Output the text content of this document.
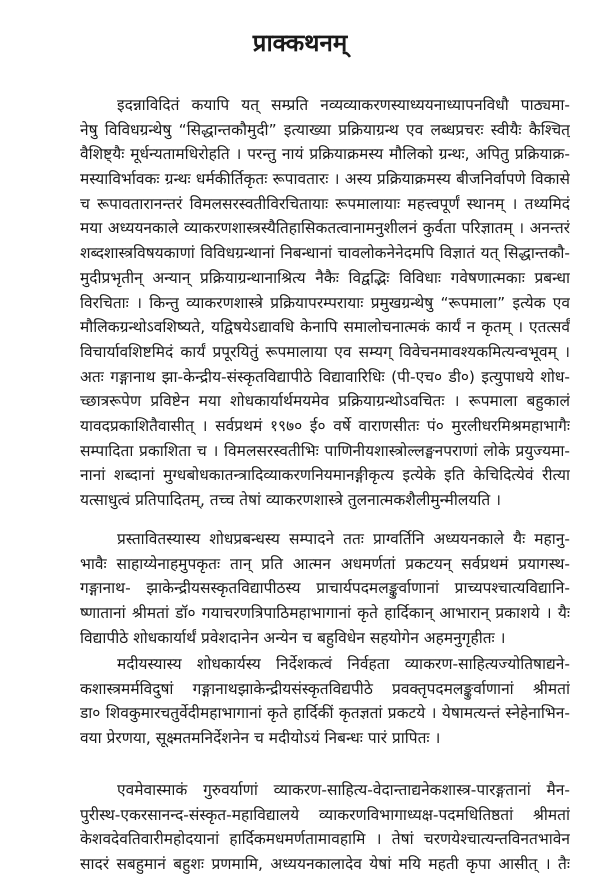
प्राक्कथनम्
इदन्नाविदितं कयापि यत् सम्प्रति नव्यव्याकरणस्याध्ययनाध्यापनविधौ पाठ्यमा-
नेषु विविधग्रन्थेषु “सिद्धान्तकौमुदी” इत्याख्या प्रक्रियाग्रन्थ एव लब्धप्रचरः स्वीयैः कैश्चित्
वैशिष्ट्यैः मूर्धन्यतामधिरोहति । परन्तु नायं प्रक्रियाक्रमस्य मौलिको ग्रन्थः, अपितु प्रक्रियाक्र-
मस्याविर्भावकः ग्रन्थः धर्मकीर्तिकृतः रूपावतारः । अस्य प्रक्रियाक्रमस्य बीजनिर्वापणे विकासे
च रूपावतारानन्तरं विमलसरस्वतीविरचितायाः रूपमालायाः महत्त्वपूर्णं स्थानम् । तथ्यमिदं
मया अध्ययनकाले व्याकरणशास्त्रस्यैतिहासिकतत्वानामनुशीलनं कुर्वता परिज्ञातम् । अनन्तरं
शब्दशास्त्रविषयकाणां विविधग्रन्थानां निबन्धानां चावलोकनेनेदमपि विज्ञातं यत् सिद्धान्तकौ-
मुदीप्रभृतीन् अन्यान् प्रक्रियाग्रन्थानाश्रित्य नैकैः विद्वद्भिः विविधाः गवेषणात्मकाः प्रबन्धा
विरचिताः । किन्तु व्याकरणशास्त्रे प्रक्रियापरम्परायाः प्रमुखग्रन्थेषु “रूपमाला” इत्येक एव
मौलिकग्रन्थोऽवशिष्यते, यद्विषयेऽद्यावधि केनापि समालोचनात्मकं कार्यं न कृतम् । एतत्सर्वं
विचार्यावशिष्टमिदं कार्यं प्रपूरयितुं रूपमालाया एव सम्यग् विवेचनमावश्यकमित्यन्वभूवम् ।
अतः गङ्गानाथ झा-केन्द्रीय-संस्कृतविद्यापीठे विद्यावारिधिः (पी-एच० डी०) इत्युपाधये शोध-
च्छात्ररूपेण प्रविष्टेन मया शोधकार्यार्थमयमेव प्रक्रियाग्रन्थोऽवचितः । रूपमाला बहुकालं
यावदप्रकाशितैवासीत् । सर्वप्रथमं १९७० ई० वर्षे वाराणसीतः पं० मुरलीधरमिश्रमहाभागैः
सम्पादिता प्रकाशिता च । विमलसरस्वतीभिः पाणिनीयशास्त्रोल्लङ्घनपराणां लोके प्रयुज्यमा-
नानां शब्दानां मुग्धबोधकातन्त्रादिव्याकरणनियमानङ्गीकृत्य इत्येके इति केचिदित्येवं रीत्या
यत्साधुत्वं प्रतिपादितम्, तच्च तेषां व्याकरणशास्त्रे तुलनात्मकशैलीमुन्मीलयति ।
प्रस्तावितस्यास्य शोधप्रबन्धस्य सम्पादने ततः प्राग्वर्तिनि अध्ययनकाले यैः महानु-
भावैः साहाय्येनाहमुपकृतः तान् प्रति आत्मन अधमर्णतां प्रकटयन् सर्वप्रथमं प्रयागस्थ-
गङ्गानाथ- झाकेन्द्रीयसस्कृतविद्यापीठस्य प्राचार्यपदमलङ्कुर्वाणानां प्राच्यपश्चात्यविद्यानि-
ष्णातानां श्रीमतां डॉ० गयाचरणत्रिपाठिमहाभागानां कृते हार्दिकान् आभारान् प्रकाशये । यैः
विद्यापीठे शोधकार्यार्थं प्रवेशदानेन अन्येन च बहुविधेन सहयोगेन अहमनुगृहीतः ।
मदीयस्यास्य शोधकार्यस्य निर्देशकत्वं निर्वहता व्याकरण-साहित्यज्योतिषाद्यने-
कशास्त्रमर्मविदुषां गङ्गानाथझाकेन्द्रीयसंस्कृतविद्यपीठे प्रवक्तृपदमलङ्कुर्वाणानां श्रीमतां
डा० शिवकुमारचतुर्वेदीमहाभागानां कृते हार्दिकीं कृतज्ञतां प्रकटये । येषामत्यन्तं स्नेहेनाभिन-
वया प्रेरणया, सूक्ष्मतमनिर्देशनेन च मदीयोऽयं निबन्धः पारं प्रापितः ।
एवमेवास्माकं गुरुवर्याणां व्याकरण-साहित्य-वेदान्ताद्यनेकशास्त्र-पारङ्गतानां मैन-
पुरीस्थ-एकरसानन्द-संस्कृत-महाविद्यालये व्याकरणविभागाध्यक्ष-पदमधितिष्ठतां श्रीमतां
केशवदेवतिवारीमहोदयानां हार्दिकमधमर्णतामावहामि । तेषां चरणयेश्चात्यन्तविनतभावेन
सादरं सबहुमानं बहुशः प्रणमामि, अध्ययनकालादेव येषां मयि महती कृपा आसीत् । तैः
